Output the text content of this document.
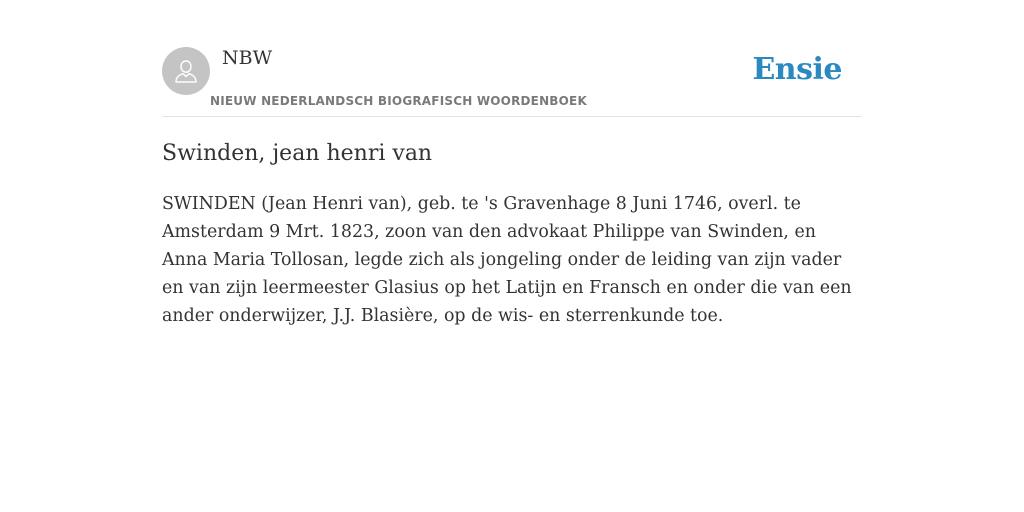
NBW
NIEUW NEDERLANDSCH BIOGRAFISCH WOORDENBOEK
Ensie
Swinden, jean henri van

SWINDEN (Jean Henri van), geb. te 's Gravenhage 8 Juni 1746, overl. te Amsterdam 9 Mrt. 1823, zoon van den advokaat Philippe van Swinden, en Anna Maria Tollosan, legde zich als jongeling onder de leiding van zijn vader en van zijn leermeester Glasius op het Latijn en Fransch en onder die van een ander onderwijzer, J.J. Blasière, op de wis- en sterrenkunde toe.
